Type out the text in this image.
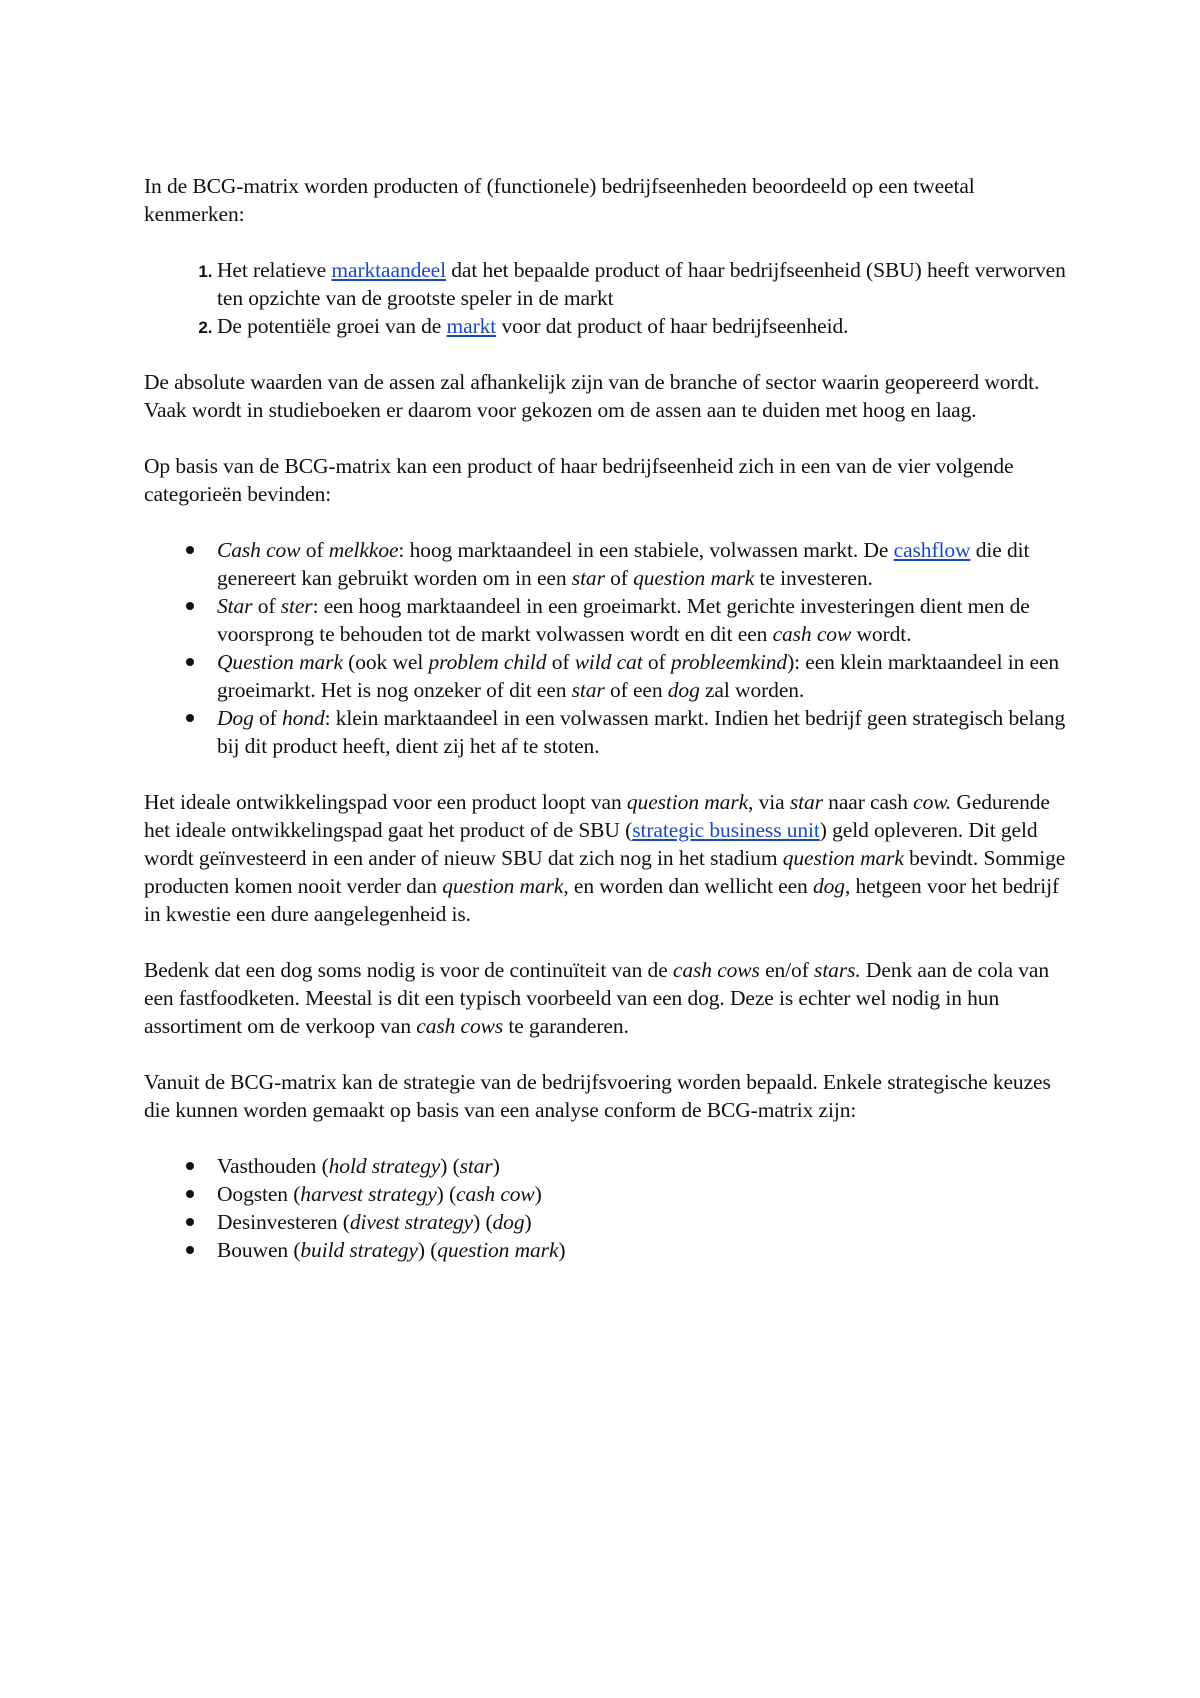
In de BCG-matrix worden producten of (functionele) bedrijfseenheden beoordeeld op een tweetal kenmerken:

1. Het relatieve marktaandeel dat het bepaalde product of haar bedrijfseenheid (SBU) heeft verworven ten opzichte van de grootste speler in de markt
2. De potentiële groei van de markt voor dat product of haar bedrijfseenheid.

De absolute waarden van de assen zal afhankelijk zijn van de branche of sector waarin geopereerd wordt. Vaak wordt in studieboeken er daarom voor gekozen om de assen aan te duiden met hoog en laag.

Op basis van de BCG-matrix kan een product of haar bedrijfseenheid zich in een van de vier volgende categorieën bevinden:

Cash cow of melkkoe: hoog marktaandeel in een stabiele, volwassen markt. De cashflow die dit genereert kan gebruikt worden om in een star of question mark te investeren.
Star of ster: een hoog marktaandeel in een groeimarkt. Met gerichte investeringen dient men de voorsprong te behouden tot de markt volwassen wordt en dit een cash cow wordt.
Question mark (ook wel problem child of wild cat of probleemkind): een klein marktaandeel in een groeimarkt. Het is nog onzeker of dit een star of een dog zal worden.
Dog of hond: klein marktaandeel in een volwassen markt. Indien het bedrijf geen strategisch belang bij dit product heeft, dient zij het af te stoten.

Het ideale ontwikkelingspad voor een product loopt van question mark, via star naar cash cow. Gedurende het ideale ontwikkelingspad gaat het product of de SBU (strategic business unit) geld opleveren. Dit geld wordt geïnvesteerd in een ander of nieuw SBU dat zich nog in het stadium question mark bevindt. Sommige producten komen nooit verder dan question mark, en worden dan wellicht een dog, hetgeen voor het bedrijf in kwestie een dure aangelegenheid is.

Bedenk dat een dog soms nodig is voor de continuïteit van de cash cows en/of stars. Denk aan de cola van een fastfoodketen. Meestal is dit een typisch voorbeeld van een dog. Deze is echter wel nodig in hun assortiment om de verkoop van cash cows te garanderen.

Vanuit de BCG-matrix kan de strategie van de bedrijfsvoering worden bepaald. Enkele strategische keuzes die kunnen worden gemaakt op basis van een analyse conform de BCG-matrix zijn:

Vasthouden (hold strategy) (star)
Oogsten (harvest strategy) (cash cow)
Desinvesteren (divest strategy) (dog)
Bouwen (build strategy) (question mark)
